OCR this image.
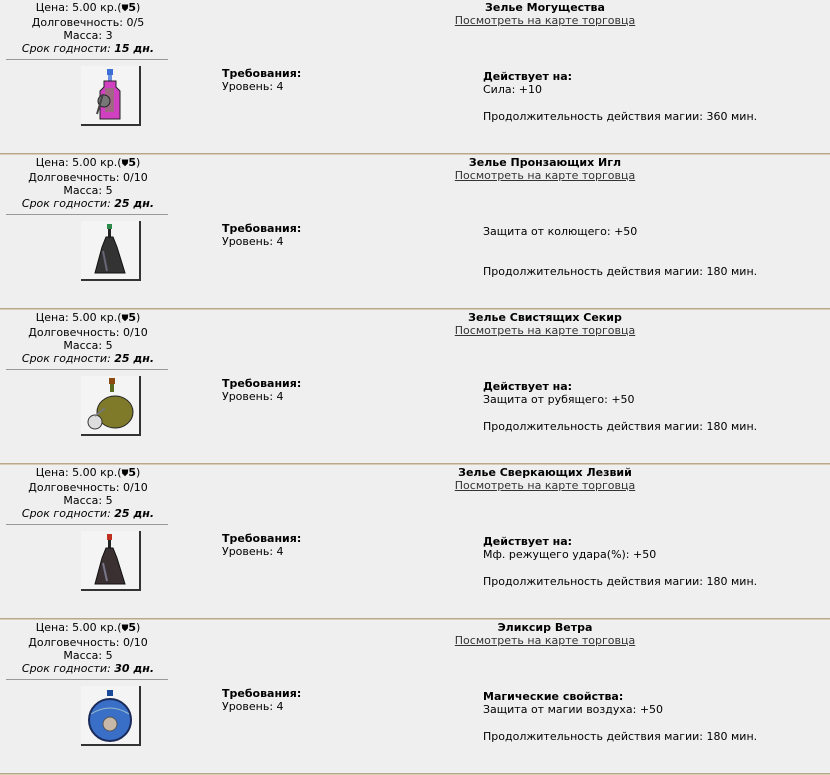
Цена: 5.00 кр.(⛊5)
Долговечность: 0/5
Масса: 3
Срок годности: 15 дн.
Требования:
Уровень: 4
Зелье Могущества
Посмотреть на карте торговца
Действует на:
Сила: +10
Продолжительность действия магии: 360 мин.
Цена: 5.00 кр.(⛊5)
Долговечность: 0/10
Масса: 5
Срок годности: 25 дн.
Требования:
Уровень: 4
Зелье Пронзающих Игл
Посмотреть на карте торговца
Защита от колющего: +50
Продолжительность действия магии: 180 мин.
Цена: 5.00 кр.(⛊5)
Долговечность: 0/10
Масса: 5
Срок годности: 25 дн.
Требования:
Уровень: 4
Зелье Свистящих Секир
Посмотреть на карте торговца
Действует на:
Защита от рубящего: +50
Продолжительность действия магии: 180 мин.
Цена: 5.00 кр.(⛊5)
Долговечность: 0/10
Масса: 5
Срок годности: 25 дн.
Требования:
Уровень: 4
Зелье Сверкающих Лезвий
Посмотреть на карте торговца
Действует на:
Мф. режущего удара(%): +50
Продолжительность действия магии: 180 мин.
Цена: 5.00 кр.(⛊5)
Долговечность: 0/10
Масса: 5
Срок годности: 30 дн.
Требования:
Уровень: 4
Эликсир Ветра
Посмотреть на карте торговца
Магические свойства:
Защита от магии воздуха: +50
Продолжительность действия магии: 180 мин.
